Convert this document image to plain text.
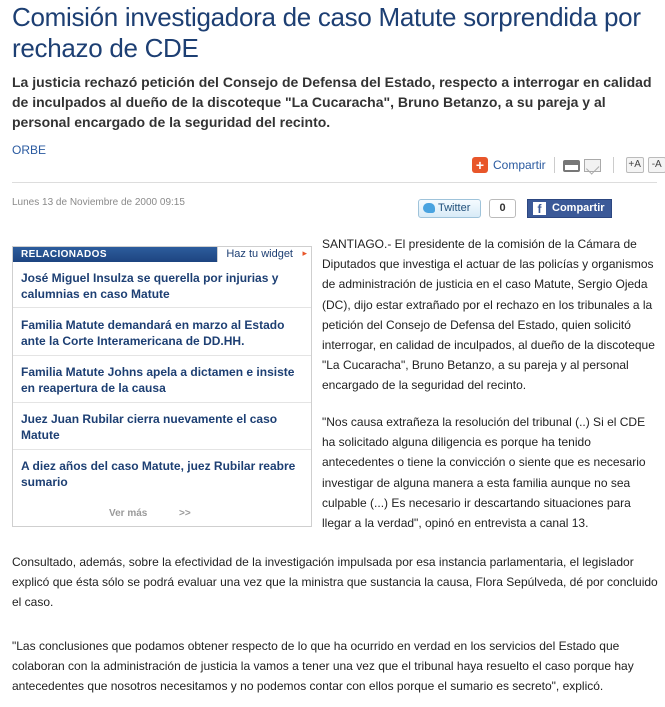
Comisión investigadora de caso Matute sorprendida por rechazo de CDE

La justicia rechazó petición del Consejo de Defensa del Estado, respecto a interrogar en calidad de inculpados al dueño de la discoteque "La Cucaracha", Bruno Betanzo, a su pareja y al personal encargado de la seguridad del recinto.

ORBE
+ Compartir	+A	-A
Lunes 13 de Noviembre de 2000 09:15	Twitter	0	f Compartir
RELACIONADOS	Haz tu widget ▸
José Miguel Insulza se querella por injurias y calumnias en caso Matute
Familia Matute demandará en marzo al Estado ante la Corte Interamericana de DD.HH.
Familia Matute Johns apela a dictamen e insiste en reapertura de la causa
Juez Juan Rubilar cierra nuevamente el caso Matute
A diez años del caso Matute, juez Rubilar reabre sumario
Ver más	>>

SANTIAGO.- El presidente de la comisión de la Cámara de Diputados que investiga el actuar de las policías y organismos de administración de justicia en el caso Matute, Sergio Ojeda (DC), dijo estar extrañado por el rechazo en los tribunales a la petición del Consejo de Defensa del Estado, quien solicitó interrogar, en calidad de inculpados, al dueño de la discoteque "La Cucaracha", Bruno Betanzo, a su pareja y al personal encargado de la seguridad del recinto.

"Nos causa extrañeza la resolución del tribunal (..) Si el CDE ha solicitado alguna diligencia es porque ha tenido antecedentes o tiene la convicción o siente que es necesario investigar de alguna manera a esta familia aunque no sea culpable (...) Es necesario ir descartando situaciones para llegar a la verdad", opinó en entrevista a canal 13.

Consultado, además, sobre la efectividad de la investigación impulsada por esa instancia parlamentaria, el legislador explicó que ésta sólo se podrá evaluar una vez que la ministra que sustancia la causa, Flora Sepúlveda, dé por concluido el caso.

"Las conclusiones que podamos obtener respecto de lo que ha ocurrido en verdad en los servicios del Estado que colaboran con la administración de justicia la vamos a tener una vez que el tribunal haya resuelto el caso porque hay antecedentes que nosotros necesitamos y no podemos contar con ellos porque el sumario es secreto", explicó.
